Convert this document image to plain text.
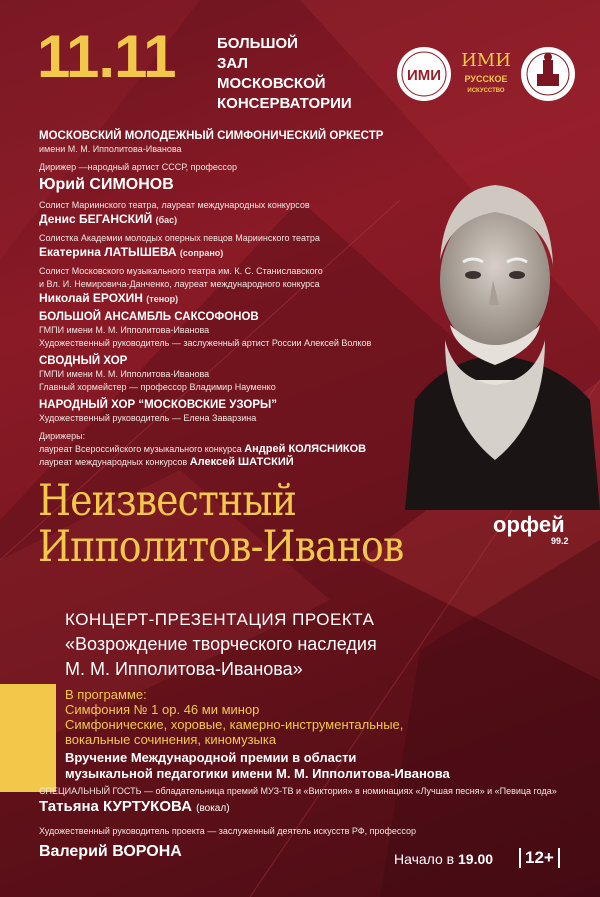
11.11	БОЛЬШОЙ
ЗАЛ
МОСКОВСКОЙ
КОНСЕРВАТОРИИ
ИМИ
ИМИ
РУССКОЕ
ИСКУССТВО
МОСКОВСКИЙ МОЛОДЕЖНЫЙ СИМФОНИЧЕСКИЙ ОРКЕСТР
имени М. М. Ипполитова-Иванова
Дирижер —народный артист СССР, профессор
Юрий СИМОНОВ
Солист Мариинского театра, лауреат международных конкурсов
Денис БЕГАНСКИЙ (бас)
Солистка Академии молодых оперных певцов Мариинского театра
Екатерина ЛАТЫШЕВА (сопрано)
Солист Московского музыкального театра им. К. С. Станиславского
и Вл. И. Немировича-Данченко, лауреат международного конкурса
Николай ЕРОХИН (тенор)
БОЛЬШОЙ АНСАМБЛЬ САКСОФОНОВ
ГМПИ имени М. М. Ипполитова-Иванова
Художественный руководитель — заслуженный артист России Алексей Волков
СВОДНЫЙ ХОР
ГМПИ имени М. М. Ипполитова-Иванова
Главный хормейстер — профессор Владимир Науменко
НАРОДНЫЙ ХОР “МОСКОВСКИЕ УЗОРЫ”
Художественный руководитель — Елена Заварзина
Дирижеры:
лауреат Всероссийского музыкального конкурса Андрей КОЛЯСНИКОВ
лауреат международных конкурсов Алексей ШАТСКИЙ
Неизвестный
Ипполитов-Иванов	орфей
99.2
КОНЦЕРТ-ПРЕЗЕНТАЦИЯ ПРОЕКТА
«Возрождение творческого наследия
М. М. Ипполитова-Иванова»
В программе:
Симфония № 1 ор. 46 ми минор
Симфонические, хоровые, камерно-инструментальные,
вокальные сочинения, киномузыка
Вручение Международной премии в области
музыкальной педагогики имени М. М. Ипполитова-Иванова
СПЕЦИАЛЬНЫЙ ГОСТЬ — обладательница премий МУЗ-ТВ и «Виктория» в номинациях «Лучшая песня» и «Певица года»
Татьяна КУРТУКОВА (вокал)
Художественный руководитель проекта — заслуженный деятель искусств РФ, профессор
Валерий ВОРОНА	Начало в 19.00	12+
